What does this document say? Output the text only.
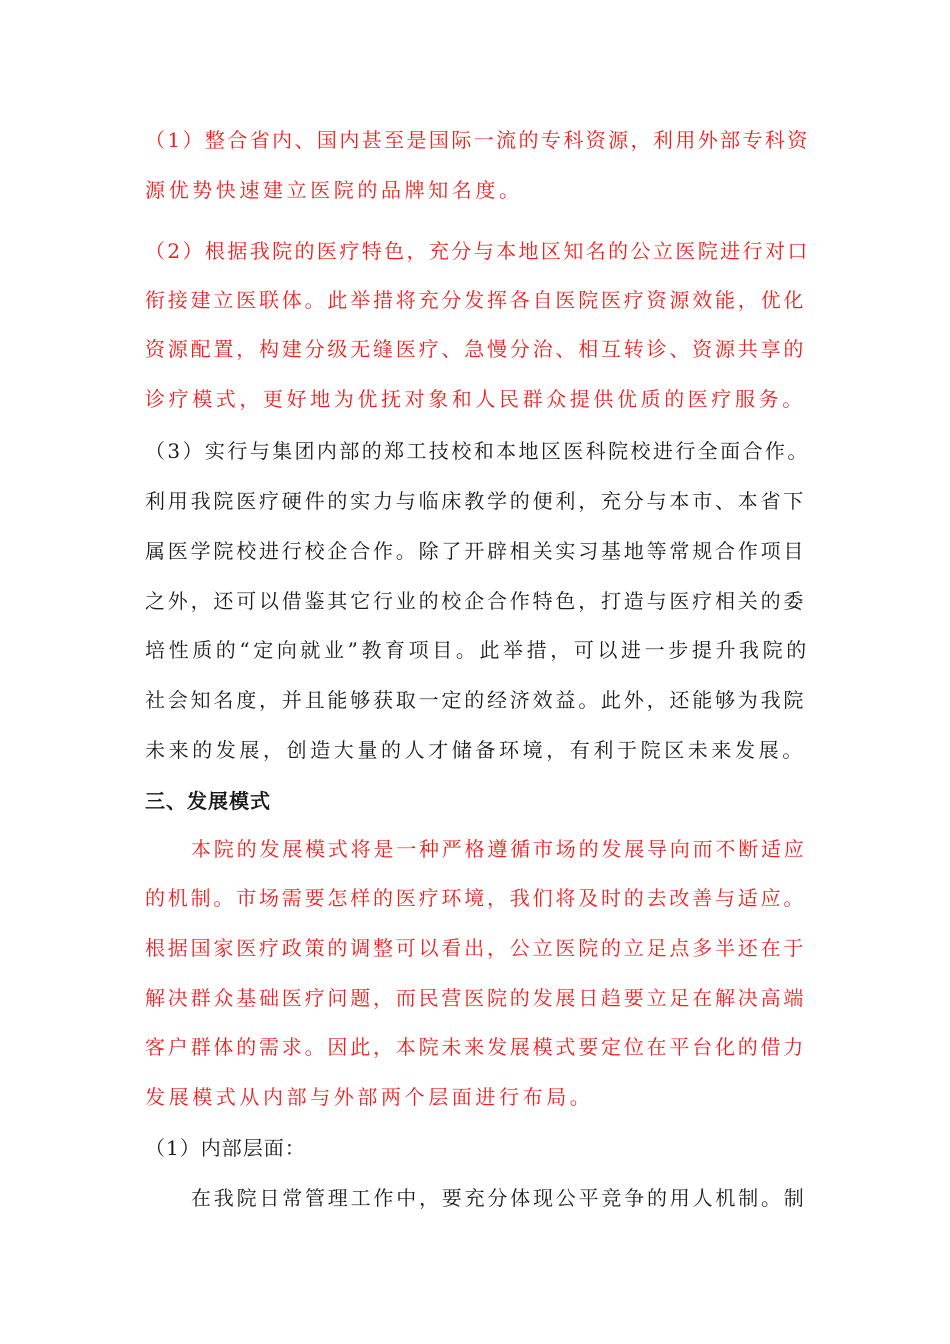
（1）整合省内、国内甚至是国际一流的专科资源，利用外部专科资
源优势快速建立医院的品牌知名度。
（2）根据我院的医疗特色，充分与本地区知名的公立医院进行对口
衔接建立医联体。此举措将充分发挥各自医院医疗资源效能，优化
资源配置，构建分级无缝医疗、急慢分治、相互转诊、资源共享的
诊疗模式，更好地为优抚对象和人民群众提供优质的医疗服务。
（3）实行与集团内部的郑工技校和本地区医科院校进行全面合作。
利用我院医疗硬件的实力与临床教学的便利，充分与本市、本省下
属医学院校进行校企合作。除了开辟相关实习基地等常规合作项目
之外，还可以借鉴其它行业的校企合作特色，打造与医疗相关的委
培性质的“定向就业”教育项目。此举措，可以进一步提升我院的
社会知名度，并且能够获取一定的经济效益。此外，还能够为我院
未来的发展，创造大量的人才储备环境，有利于院区未来发展。
三、发展模式
本院的发展模式将是一种严格遵循市场的发展导向而不断适应
的机制。市场需要怎样的医疗环境，我们将及时的去改善与适应。
根据国家医疗政策的调整可以看出，公立医院的立足点多半还在于
解决群众基础医疗问题，而民营医院的发展日趋要立足在解决高端
客户群体的需求。因此，本院未来发展模式要定位在平台化的借力
发展模式从内部与外部两个层面进行布局。
（1）内部层面：
在我院日常管理工作中，要充分体现公平竞争的用人机制。制
